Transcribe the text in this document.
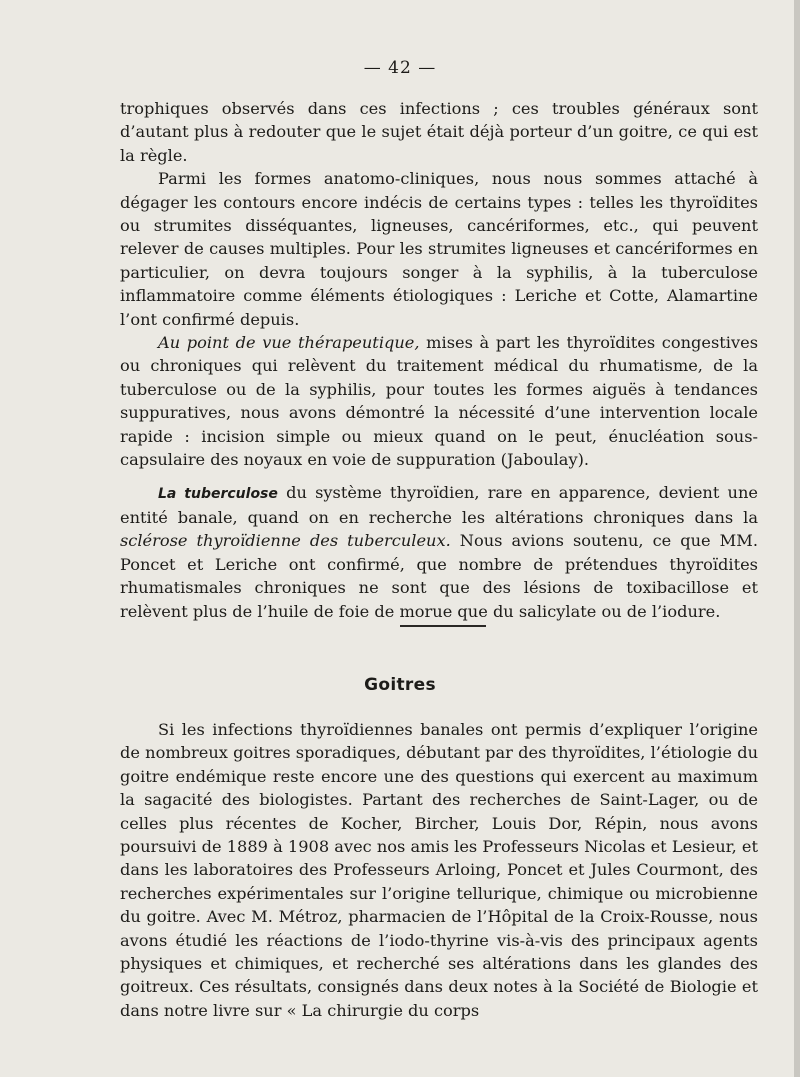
— 42 —

trophiques observés dans ces infections ; ces troubles généraux sont d’autant plus à redouter que le sujet était déjà porteur d’un goitre, ce qui est la règle.

Parmi les formes anatomo-cliniques, nous nous sommes attaché à dégager les contours encore indécis de certains types : telles les thyroïdites ou strumites disséquantes, ligneuses, cancériformes, etc., qui peuvent relever de causes multiples. Pour les strumites ligneuses et cancériformes en particulier, on devra toujours songer à la syphilis, à la tuberculose inflammatoire comme éléments étiologiques : Leriche et Cotte, Alamartine l’ont confirmé depuis.

Au point de vue thérapeutique, mises à part les thyroïdites congestives ou chroniques qui relèvent du traitement médical du rhumatisme, de la tuberculose ou de la syphilis, pour toutes les formes aiguës à tendances suppuratives, nous avons démontré la nécessité d’une intervention locale rapide : incision simple ou mieux quand on le peut, énucléation sous-capsulaire des noyaux en voie de suppuration (Jaboulay).

La tuberculose du système thyroïdien, rare en apparence, devient une entité banale, quand on en recherche les altérations chroniques dans la sclérose thyroïdienne des tuberculeux. Nous avions soutenu, ce que MM. Poncet et Leriche ont confirmé, que nombre de prétendues thyroïdites rhumatismales chroniques ne sont que des lésions de toxibacillose et relèvent plus de l’huile de foie de morue que du salicylate ou de l’iodure.

Goitres

Si les infections thyroïdiennes banales ont permis d’expliquer l’origine de nombreux goitres sporadiques, débutant par des thyroïdites, l’étiologie du goitre endémique reste encore une des questions qui exercent au maximum la sagacité des biologistes. Partant des recherches de Saint-Lager, ou de celles plus récentes de Kocher, Bircher, Louis Dor, Répin, nous avons poursuivi de 1889 à 1908 avec nos amis les Professeurs Nicolas et Lesieur, et dans les laboratoires des Professeurs Arloing, Poncet et Jules Courmont, des recherches expérimentales sur l’origine tellurique, chimique ou microbienne du goitre. Avec M. Métroz, pharmacien de l’Hôpital de la Croix-Rousse, nous avons étudié les réactions de l’iodo-thyrine vis-à-vis des principaux agents physiques et chimiques, et recherché ses altérations dans les glandes des goitreux. Ces résultats, consignés dans deux notes à la Société de Biologie et dans notre livre sur « La chirurgie du corps
